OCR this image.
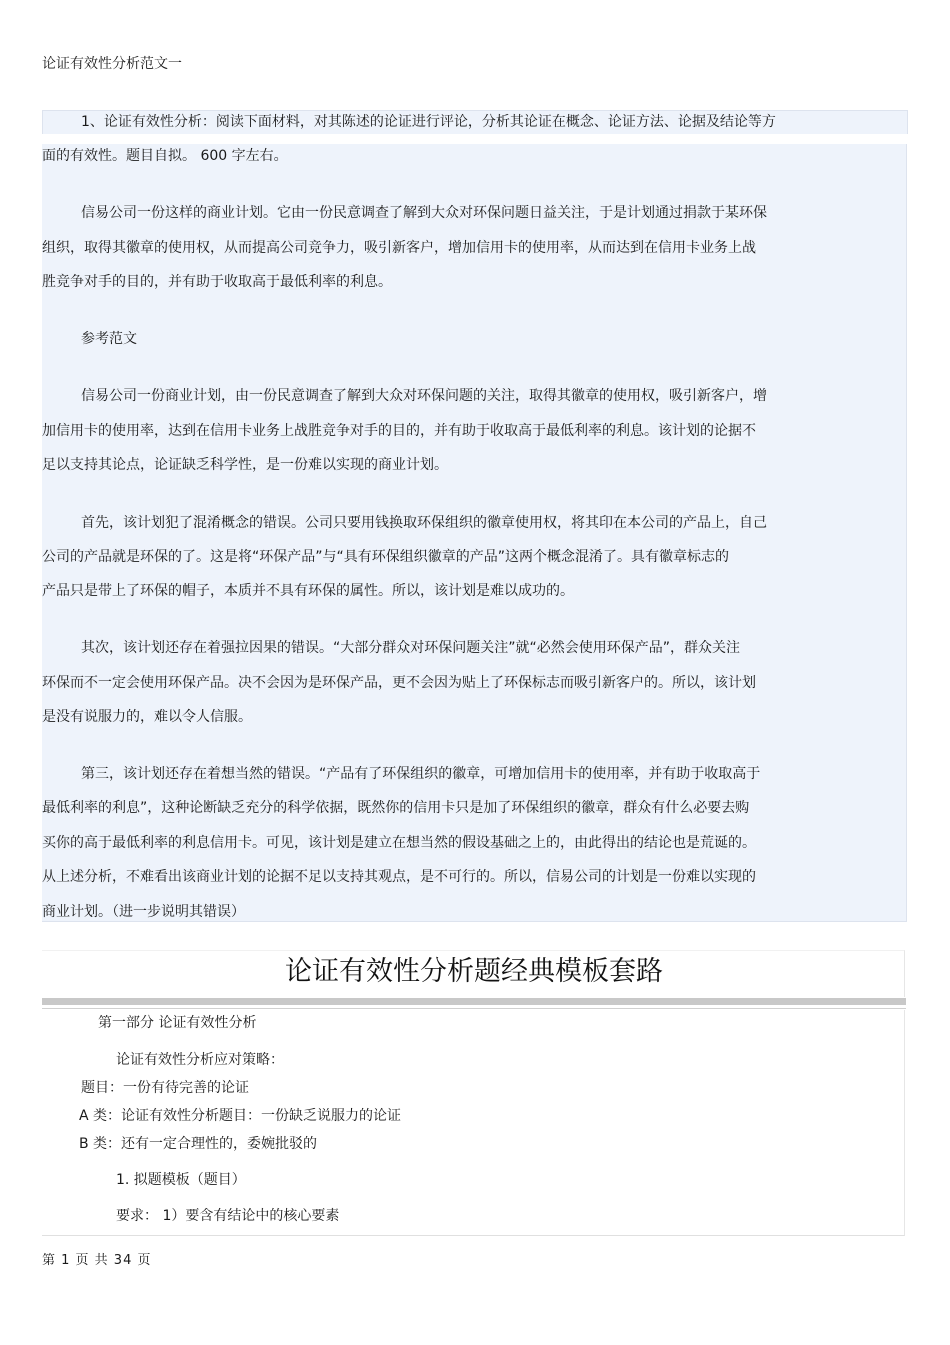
论证有效性分析范文一
1、论证有效性分析：阅读下面材料，对其陈述的论证进行评论，分析其论证在概念、论证方法、论据及结论等方
面的有效性。题目自拟。 600 字左右。
信易公司一份这样的商业计划。它由一份民意调查了解到大众对环保问题日益关注，于是计划通过捐款于某环保
组织，取得其徽章的使用权，从而提高公司竞争力，吸引新客户，增加信用卡的使用率，从而达到在信用卡业务上战
胜竞争对手的目的，并有助于收取高于最低利率的利息。
参考范文
信易公司一份商业计划，由一份民意调查了解到大众对环保问题的关注，取得其徽章的使用权，吸引新客户，增
加信用卡的使用率，达到在信用卡业务上战胜竞争对手的目的，并有助于收取高于最低利率的利息。该计划的论据不
足以支持其论点，论证缺乏科学性，是一份难以实现的商业计划。
首先，该计划犯了混淆概念的错误。公司只要用钱换取环保组织的徽章使用权，将其印在本公司的产品上，自己
公司的产品就是环保的了。这是将“环保产品”与“具有环保组织徽章的产品”这两个概念混淆了。具有徽章标志的
产品只是带上了环保的帽子，本质并不具有环保的属性。所以，该计划是难以成功的。
其次，该计划还存在着强拉因果的错误。“大部分群众对环保问题关注”就“必然会使用环保产品”，群众关注
环保而不一定会使用环保产品。决不会因为是环保产品，更不会因为贴上了环保标志而吸引新客户的。所以，该计划
是没有说服力的，难以令人信服。
第三，该计划还存在着想当然的错误。“产品有了环保组织的徽章，可增加信用卡的使用率，并有助于收取高于
最低利率的利息”，这种论断缺乏充分的科学依据，既然你的信用卡只是加了环保组织的徽章，群众有什么必要去购
买你的高于最低利率的利息信用卡。可见，该计划是建立在想当然的假设基础之上的，由此得出的结论也是荒诞的。
从上述分析，不难看出该商业计划的论据不足以支持其观点，是不可行的。所以，信易公司的计划是一份难以实现的
商业计划。（进一步说明其错误）
论证有效性分析题经典模板套路
第一部分 论证有效性分析
论证有效性分析应对策略：
题目：一份有待完善的论证
A 类：论证有效性分析题目：一份缺乏说服力的论证
B 类：还有一定合理性的，委婉批驳的
1. 拟题模板（题目）
要求： 1）要含有结论中的核心要素
第 1 页 共 34 页
